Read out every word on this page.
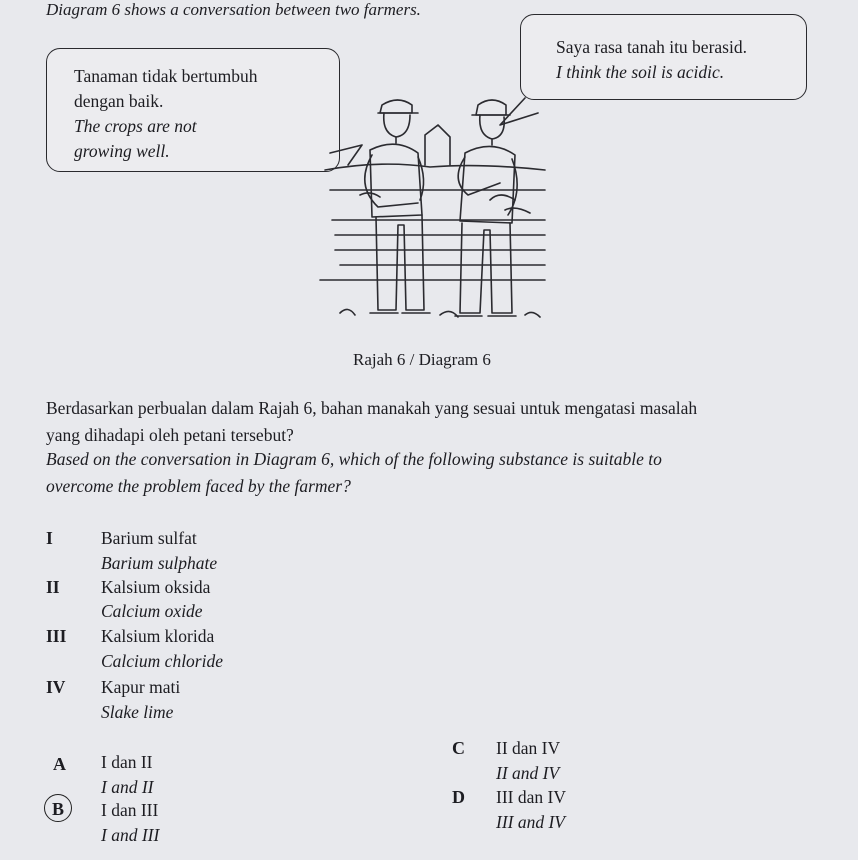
Diagram 6 shows a conversation between two farmers.
Tanaman tidak bertumbuh
dengan baik.
The crops are not
growing well.
Saya rasa tanah itu berasid.
I think the soil is acidic.
Rajah 6 / Diagram 6
Berdasarkan perbualan dalam Rajah 6, bahan manakah yang sesuai untuk mengatasi masalah
yang dihadapi oleh petani tersebut?
Based on the conversation in Diagram 6, which of the following substance is suitable to
overcome the problem faced by the farmer?
I	Barium sulfat
Barium sulphate
II Kalsium oksida
Calcium oxide
III Kalsium klorida
Calcium chloride
IV Kapur mati
Slake lime
A I dan II
I and II
B I dan III
I and III
C II dan IV
II and IV
D III dan IV
III and IV
